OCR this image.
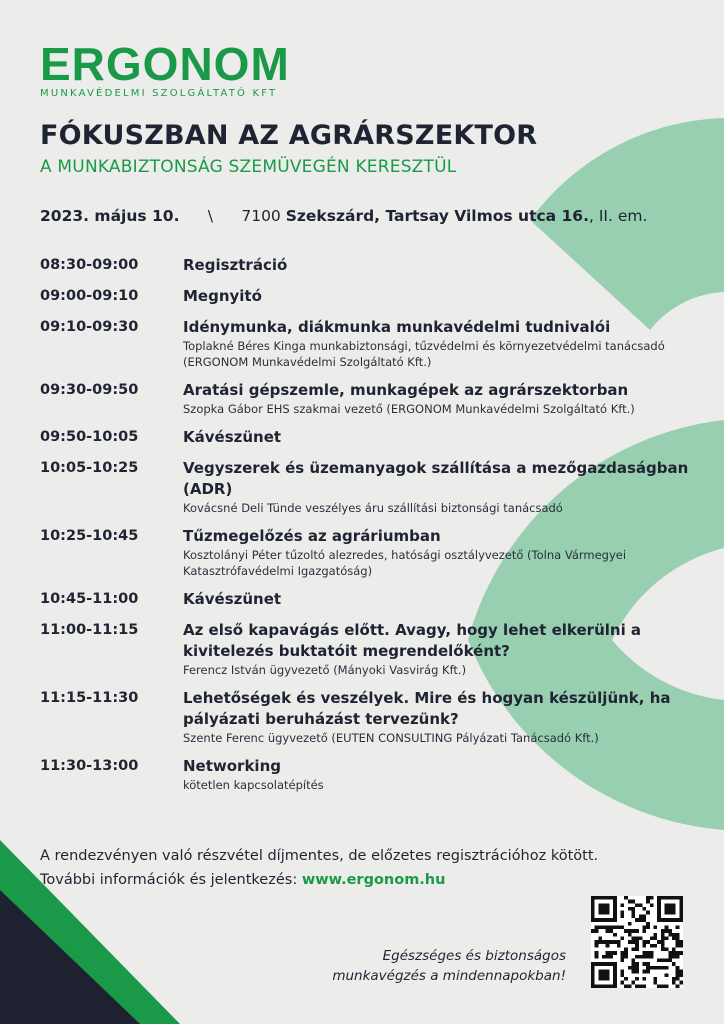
ERGONOM
MUNKAVÉDELMI SZOLGÁLTATÓ KFT
FÓKUSZBAN AZ AGRÁRSZEKTOR
A MUNKABIZTONSÁG SZEMÜVEGÉN KERESZTÜL
2023. május 10. \ 7100 Szekszárd, Tartsay Vilmos utca 16., II. em.
08:30-09:00	Regisztráció
09:00-09:10	Megnyitó
09:10-09:30	Idénymunka, diákmunka munkavédelmi tudnivalói
Toplakné Béres Kinga munkabiztonsági, tűzvédelmi és környezetvédelmi tanácsadó (ERGONOM Munkavédelmi Szolgáltató Kft.)
09:30-09:50	Aratási gépszemle, munkagépek az agrárszektorban
Szopka Gábor EHS szakmai vezető (ERGONOM Munkavédelmi Szolgáltató Kft.)
09:50-10:05	Kávészünet
10:05-10:25	Vegyszerek és üzemanyagok szállítása a mezőgazdaságban (ADR)
Kovácsné Deli Tünde veszélyes áru szállítási biztonsági tanácsadó
10:25-10:45	Tűzmegelőzés az agráriumban
Kosztolányi Péter tűzoltó alezredes, hatósági osztályvezető (Tolna Vármegyei Katasztrófavédelmi Igazgatóság)
10:45-11:00	Kávészünet
11:00-11:15	Az első kapavágás előtt. Avagy, hogy lehet elkerülni a kivitelezés buktatóit megrendelőként?
Ferencz István ügyvezető (Mányoki Vasvirág Kft.)
11:15-11:30	Lehetőségek és veszélyek. Mire és hogyan készüljünk, ha pályázati beruházást tervezünk?
Szente Ferenc ügyvezető (EUTEN CONSULTING Pályázati Tanácsadó Kft.)
11:30-13:00	Networking
kötetlen kapcsolatépítés
A rendezvényen való részvétel díjmentes, de előzetes regisztrációhoz kötött.
További információk és jelentkezés: www.ergonom.hu
Egészséges és biztonságos
munkavégzés a mindennapokban!
